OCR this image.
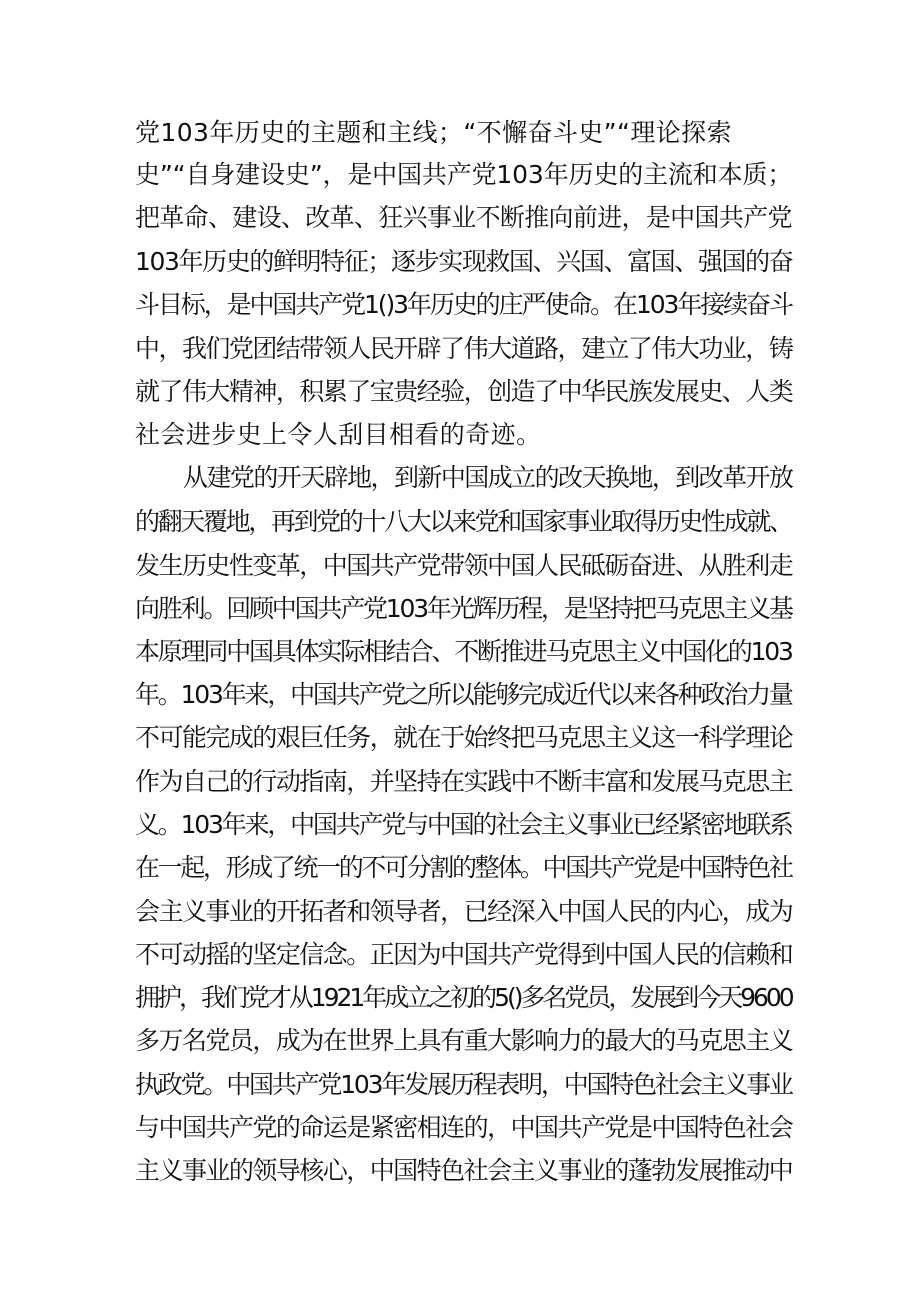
党103年历史的主题和主线；“不懈奋斗史”“理论探索

史”“自身建设史”，是中国共产党103年历史的主流和本质；

把革命、建设、改革、狂兴事业不断推向前进，是中国共产党

103年历史的鲜明特征；逐步实现救国、兴国、富国、强国的奋

斗目标，是中国共产党1()3年历史的庄严使命。在103年接续奋斗

中，我们党团结带领人民开辟了伟大道路，建立了伟大功业，铸

就了伟大精神，积累了宝贵经验，创造了中华民族发展史、人类

社会进步史上令人刮目相看的奇迹。

从建党的开天辟地，到新中国成立的改天换地，到改革开放

的翻天覆地，再到党的十八大以来党和国家事业取得历史性成就、

发生历史性变革，中国共产党带领中国人民砥砺奋进、从胜利走

向胜利。回顾中国共产党103年光辉历程，是坚持把马克思主义基

本原理同中国具体实际相结合、不断推进马克思主义中国化的103

年。103年来，中国共产党之所以能够完成近代以来各种政治力量

不可能完成的艰巨任务，就在于始终把马克思主义这一科学理论

作为自己的行动指南，并坚持在实践中不断丰富和发展马克思主

义。103年来，中国共产党与中国的社会主义事业已经紧密地联系

在一起，形成了统一的不可分割的整体。中国共产党是中国特色社

会主义事业的开拓者和领导者，已经深入中国人民的内心，成为

不可动摇的坚定信念。正因为中国共产党得到中国人民的信赖和

拥护，我们党才从1921年成立之初的5()多名党员，发展到今天9600

多万名党员，成为在世界上具有重大影响力的最大的马克思主义

执政党。中国共产党103年发展历程表明，中国特色社会主义事业

与中国共产党的命运是紧密相连的，中国共产党是中国特色社会

主义事业的领导核心，中国特色社会主义事业的蓬勃发展推动中
